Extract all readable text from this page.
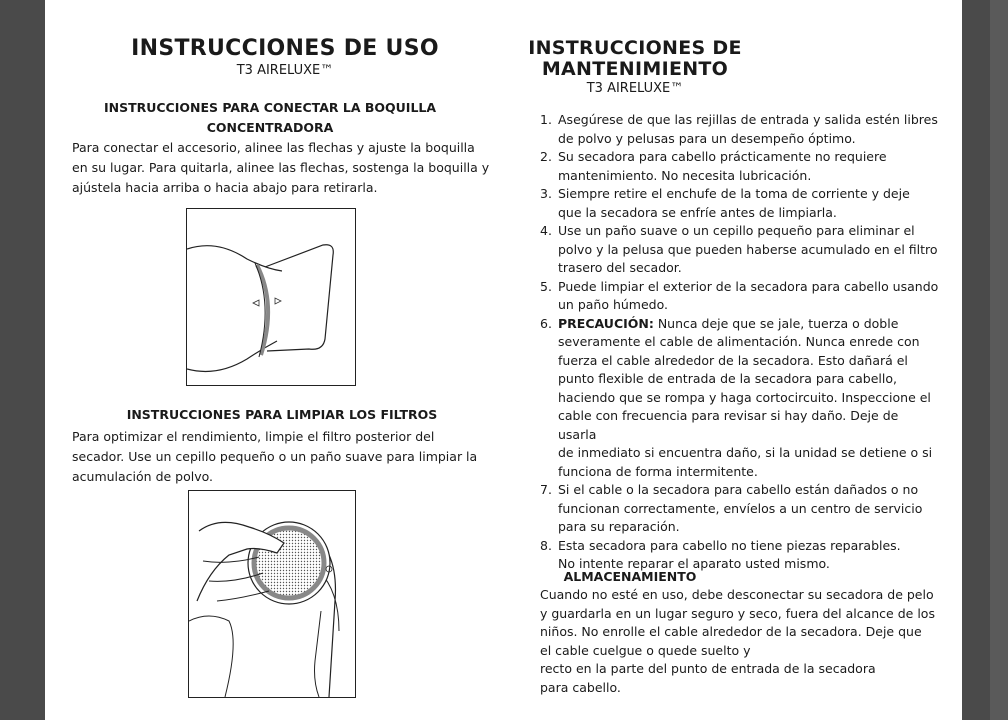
INSTRUCCIONES DE USO
T3 AIRELUXE™
INSTRUCCIONES PARA CONECTAR LA BOQUILLA
CONCENTRADORA
Para conectar el accesorio, alinee las flechas y ajuste la boquilla
en su lugar. Para quitarla, alinee las flechas, sostenga la boquilla y
ajústela hacia arriba o hacia abajo para retirarla.
INSTRUCCIONES PARA LIMPIAR LOS FILTROS
Para optimizar el rendimiento, limpie el filtro posterior del
secador. Use un cepillo pequeño o un paño suave para limpiar la
acumulación de polvo.
INSTRUCCIONES DE
MANTENIMIENTO
T3 AIRELUXE™
1. Asegúrese de que las rejillas de entrada y salida estén libres
de polvo y pelusas para un desempeño óptimo.
2. Su secadora para cabello prácticamente no requiere
mantenimiento. No necesita lubricación.
3. Siempre retire el enchufe de la toma de corriente y deje
que la secadora se enfríe antes de limpiarla.
4. Use un paño suave o un cepillo pequeño para eliminar el
polvo y la pelusa que pueden haberse acumulado en el filtro
trasero del secador.
5. Puede limpiar el exterior de la secadora para cabello usando
un paño húmedo.
6. PRECAUCIÓN: Nunca deje que se jale, tuerza o doble
severamente el cable de alimentación. Nunca enrede con
fuerza el cable alrededor de la secadora. Esto dañará el
punto flexible de entrada de la secadora para cabello,
haciendo que se rompa y haga cortocircuito. Inspeccione el
cable con frecuencia para revisar si hay daño. Deje de usarla
de inmediato si encuentra daño, si la unidad se detiene o si
funciona de forma intermitente.
7. Si el cable o la secadora para cabello están dañados o no
funcionan correctamente, envíelos a un centro de servicio
para su reparación.
8. Esta secadora para cabello no tiene piezas reparables.
No intente reparar el aparato usted mismo.
ALMACENAMIENTO
Cuando no esté en uso, debe desconectar su secadora de pelo
y guardarla en un lugar seguro y seco, fuera del alcance de los
niños. No enrolle el cable alrededor de la secadora. Deje que
el cable cuelgue o quede suelto y
recto en la parte del punto de entrada de la secadora
para cabello.
